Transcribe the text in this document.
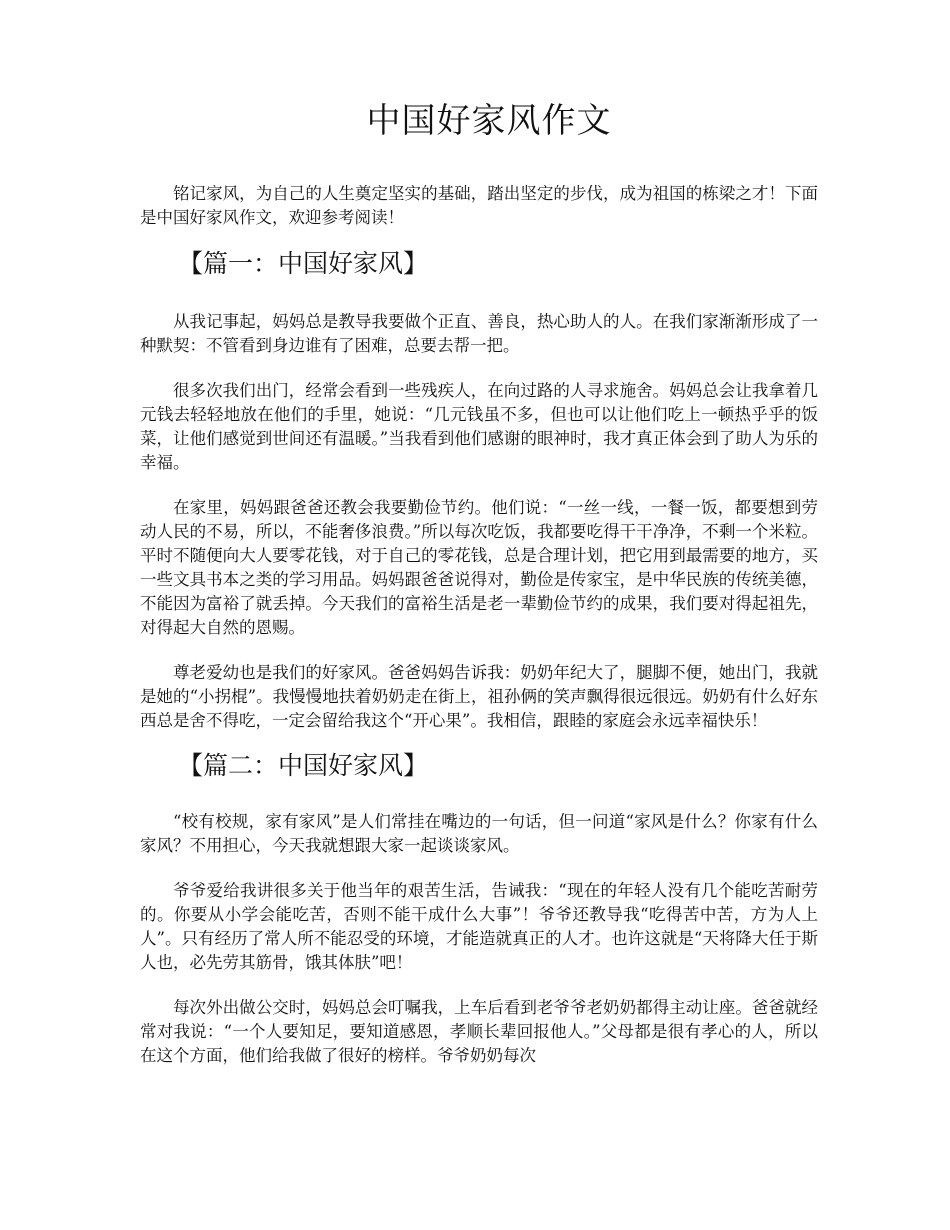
中国好家风作文

铭记家风，为自己的人生奠定坚实的基础，踏出坚定的步伐，成为祖国的栋梁之才！下面是中国好家风作文，欢迎参考阅读！

【篇一：中国好家风】

从我记事起，妈妈总是教导我要做个正直、善良，热心助人的人。在我们家渐渐形成了一种默契：不管看到身边谁有了困难，总要去帮一把。

很多次我们出门，经常会看到一些残疾人，在向过路的人寻求施舍。妈妈总会让我拿着几元钱去轻轻地放在他们的手里，她说：“几元钱虽不多，但也可以让他们吃上一顿热乎乎的饭菜，让他们感觉到世间还有温暖。”当我看到他们感谢的眼神时，我才真正体会到了助人为乐的幸福。

在家里，妈妈跟爸爸还教会我要勤俭节约。他们说：“一丝一线，一餐一饭，都要想到劳动人民的不易，所以，不能奢侈浪费。”所以每次吃饭，我都要吃得干干净净，不剩一个米粒。平时不随便向大人要零花钱，对于自己的零花钱，总是合理计划，把它用到最需要的地方，买一些文具书本之类的学习用品。妈妈跟爸爸说得对，勤俭是传家宝，是中华民族的传统美德，不能因为富裕了就丢掉。今天我们的富裕生活是老一辈勤俭节约的成果，我们要对得起祖先，对得起大自然的恩赐。

尊老爱幼也是我们的好家风。爸爸妈妈告诉我：奶奶年纪大了，腿脚不便，她出门，我就是她的“小拐棍”。我慢慢地扶着奶奶走在街上，祖孙俩的笑声飘得很远很远。奶奶有什么好东西总是舍不得吃，一定会留给我这个“开心果”。我相信，跟睦的家庭会永远幸福快乐！

【篇二：中国好家风】

“校有校规，家有家风”是人们常挂在嘴边的一句话，但一问道“家风是什么？你家有什么家风？不用担心，今天我就想跟大家一起谈谈家风。

爷爷爱给我讲很多关于他当年的艰苦生活，告诫我：“现在的年轻人没有几个能吃苦耐劳的。你要从小学会能吃苦，否则不能干成什么大事”！爷爷还教导我“吃得苦中苦，方为人上人”。只有经历了常人所不能忍受的环境，才能造就真正的人才。也许这就是“天将降大任于斯人也，必先劳其筋骨，饿其体肤”吧！

每次外出做公交时，妈妈总会叮嘱我，上车后看到老爷爷老奶奶都得主动让座。爸爸就经常对我说：“一个人要知足，要知道感恩，孝顺长辈回报他人。”父母都是很有孝心的人，所以在这个方面，他们给我做了很好的榜样。爷爷奶奶每次
